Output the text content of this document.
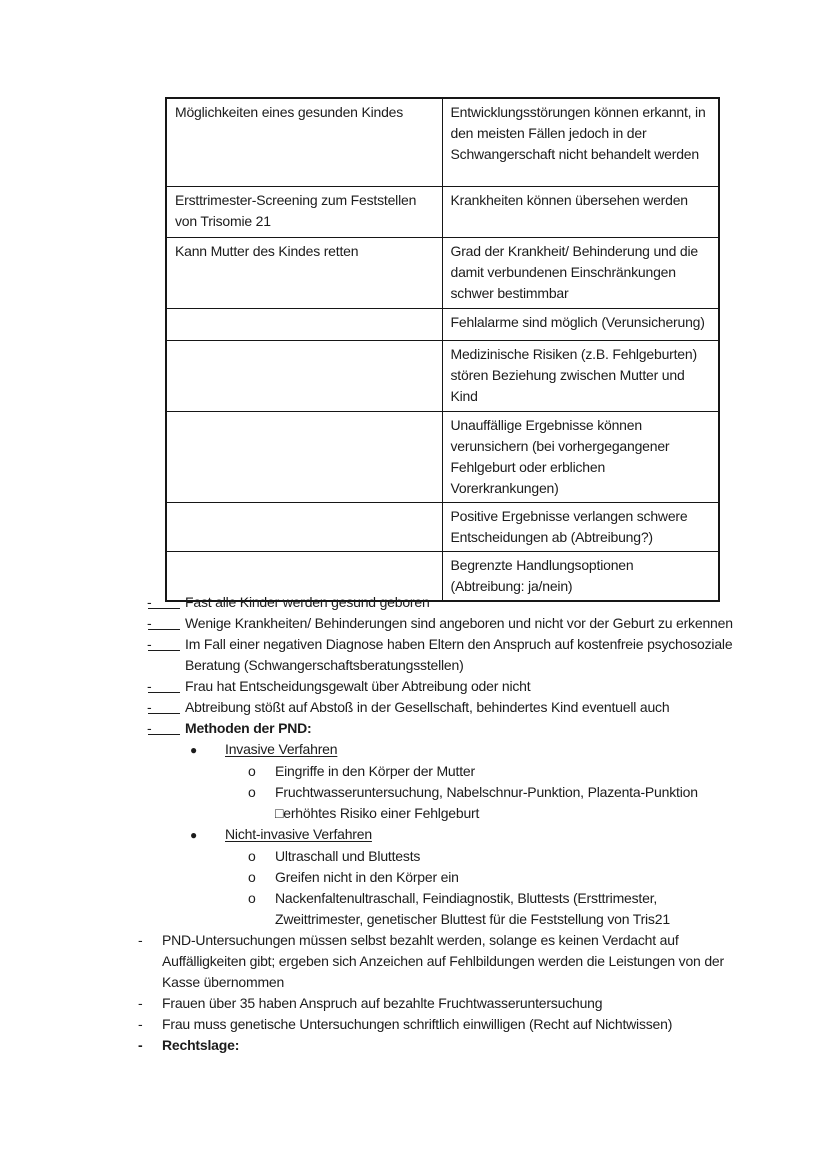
Möglichkeiten eines gesunden Kindes	Entwicklungsstörungen können erkannt, in den meisten Fällen jedoch in der Schwangerschaft nicht behandelt werden
Ersttrimester-Screening zum Feststellen von Trisomie 21	Krankheiten können übersehen werden
Kann Mutter des Kindes retten	Grad der Krankheit/ Behinderung und die damit verbundenen Einschränkungen schwer bestimmbar
	Fehlalarme sind möglich (Verunsicherung)
	Medizinische Risiken (z.B. Fehlgeburten) stören Beziehung zwischen Mutter und Kind
	Unauffällige Ergebnisse können verunsichern (bei vorhergegangener Fehlgeburt oder erblichen Vorerkrankungen)
	Positive Ergebnisse verlangen schwere Entscheidungen ab (Abtreibung?)
	Begrenzte Handlungsoptionen (Abtreibung: ja/nein)
-	Fast alle Kinder werden gesund geboren
-	Wenige Krankheiten/ Behinderungen sind angeboren und nicht vor der Geburt zu erkennen
-	Im Fall einer negativen Diagnose haben Eltern den Anspruch auf kostenfreie psychosoziale Beratung (Schwangerschaftsberatungsstellen)
-	Frau hat Entscheidungsgewalt über Abtreibung oder nicht
-	Abtreibung stößt auf Abstoß in der Gesellschaft, behindertes Kind eventuell auch
-	Methoden der PND:
●	Invasive Verfahren
o	Eingriffe in den Körper der Mutter
o	Fruchtwasseruntersuchung, Nabelschnur-Punktion, Plazenta-Punktion
□erhöhtes Risiko einer Fehlgeburt
●	Nicht-invasive Verfahren
o	Ultraschall und Bluttests
o	Greifen nicht in den Körper ein
o	Nackenfaltenultraschall, Feindiagnostik, Bluttests (Ersttrimester, Zweittrimester, genetischer Bluttest für die Feststellung von Tris21
-	PND-Untersuchungen müssen selbst bezahlt werden, solange es keinen Verdacht auf Auffälligkeiten gibt; ergeben sich Anzeichen auf Fehlbildungen werden die Leistungen von der Kasse übernommen
-	Frauen über 35 haben Anspruch auf bezahlte Fruchtwasseruntersuchung
-	Frau muss genetische Untersuchungen schriftlich einwilligen (Recht auf Nichtwissen)
-	Rechtslage:
